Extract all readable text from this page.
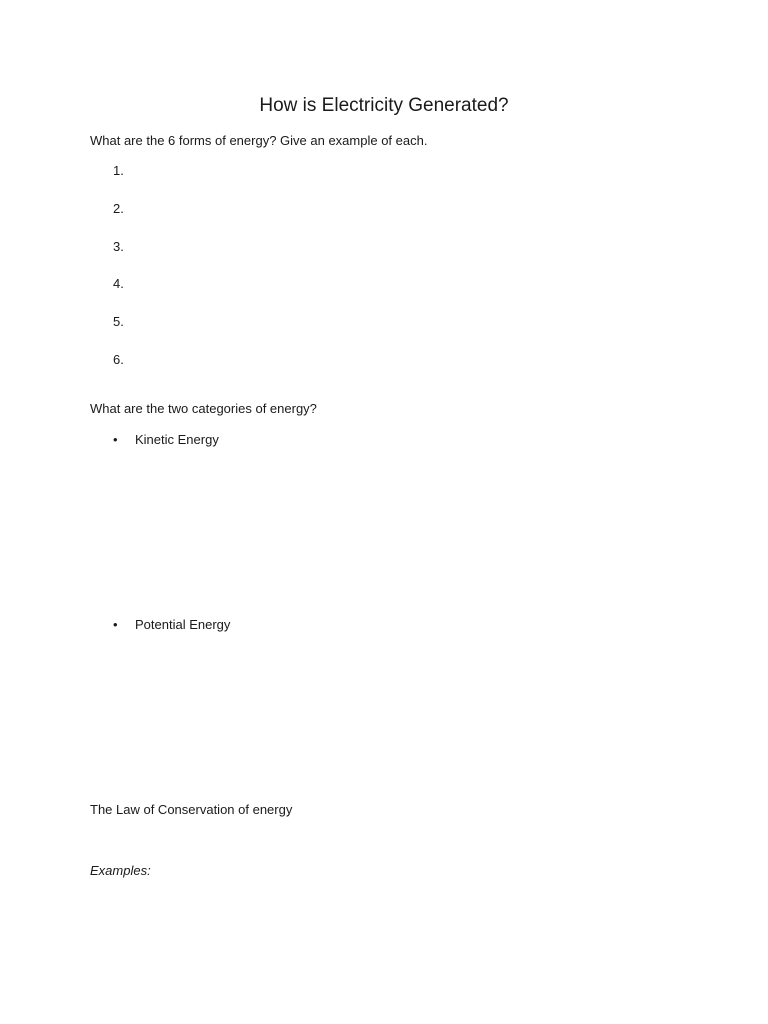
How is Electricity Generated?
What are the 6 forms of energy? Give an example of each.
1.
2.
3.
4.
5.
6.
What are the two categories of energy?
• Kinetic Energy
• Potential Energy
The Law of Conservation of energy
Examples:
